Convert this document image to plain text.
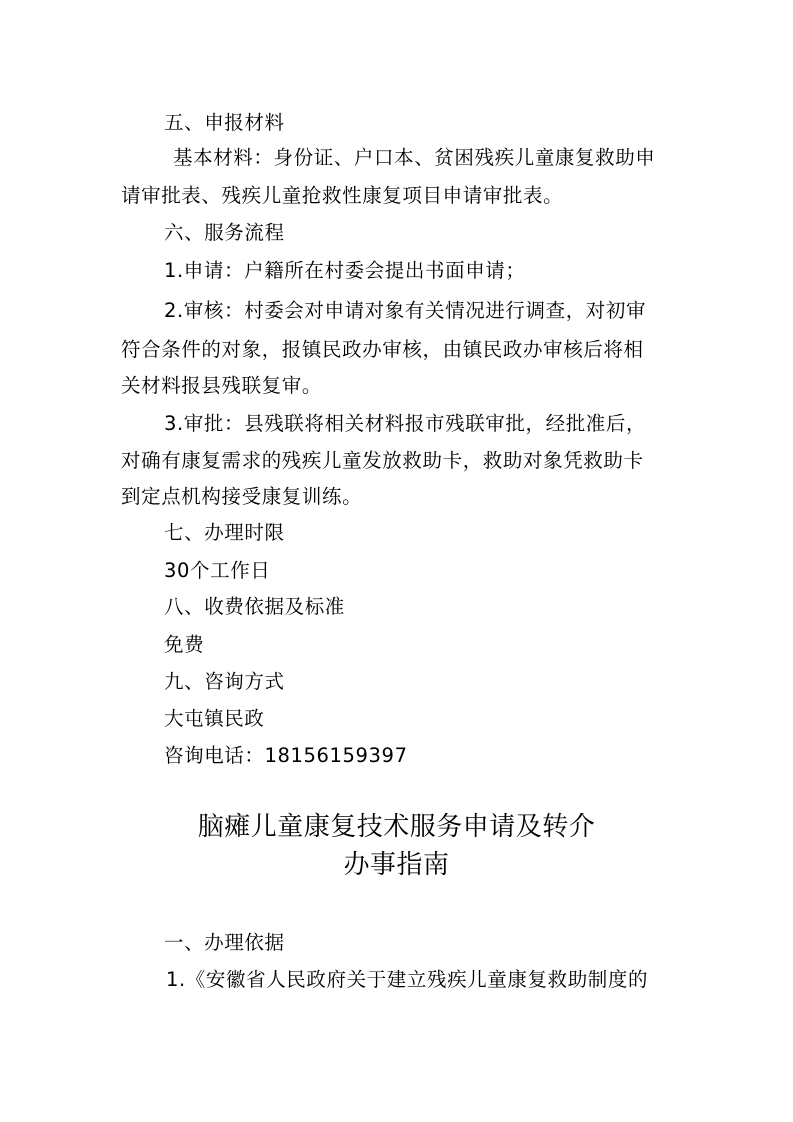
五、申报材料
基本材料：身份证、户口本、贫困残疾儿童康复救助申
请审批表、残疾儿童抢救性康复项目申请审批表。
六、服务流程
1.申请：户籍所在村委会提出书面申请；
2.审核：村委会对申请对象有关情况进行调查，对初审
符合条件的对象，报镇民政办审核，由镇民政办审核后将相
关材料报县残联复审。
3.审批：县残联将相关材料报市残联审批，经批准后，
对确有康复需求的残疾儿童发放救助卡，救助对象凭救助卡
到定点机构接受康复训练。
七、办理时限
30个工作日
八、收费依据及标准
免费
九、咨询方式
大屯镇民政
咨询电话：18156159397
脑瘫儿童康复技术服务申请及转介
办事指南
一、办理依据
1.《安徽省人民政府关于建立残疾儿童康复救助制度的
